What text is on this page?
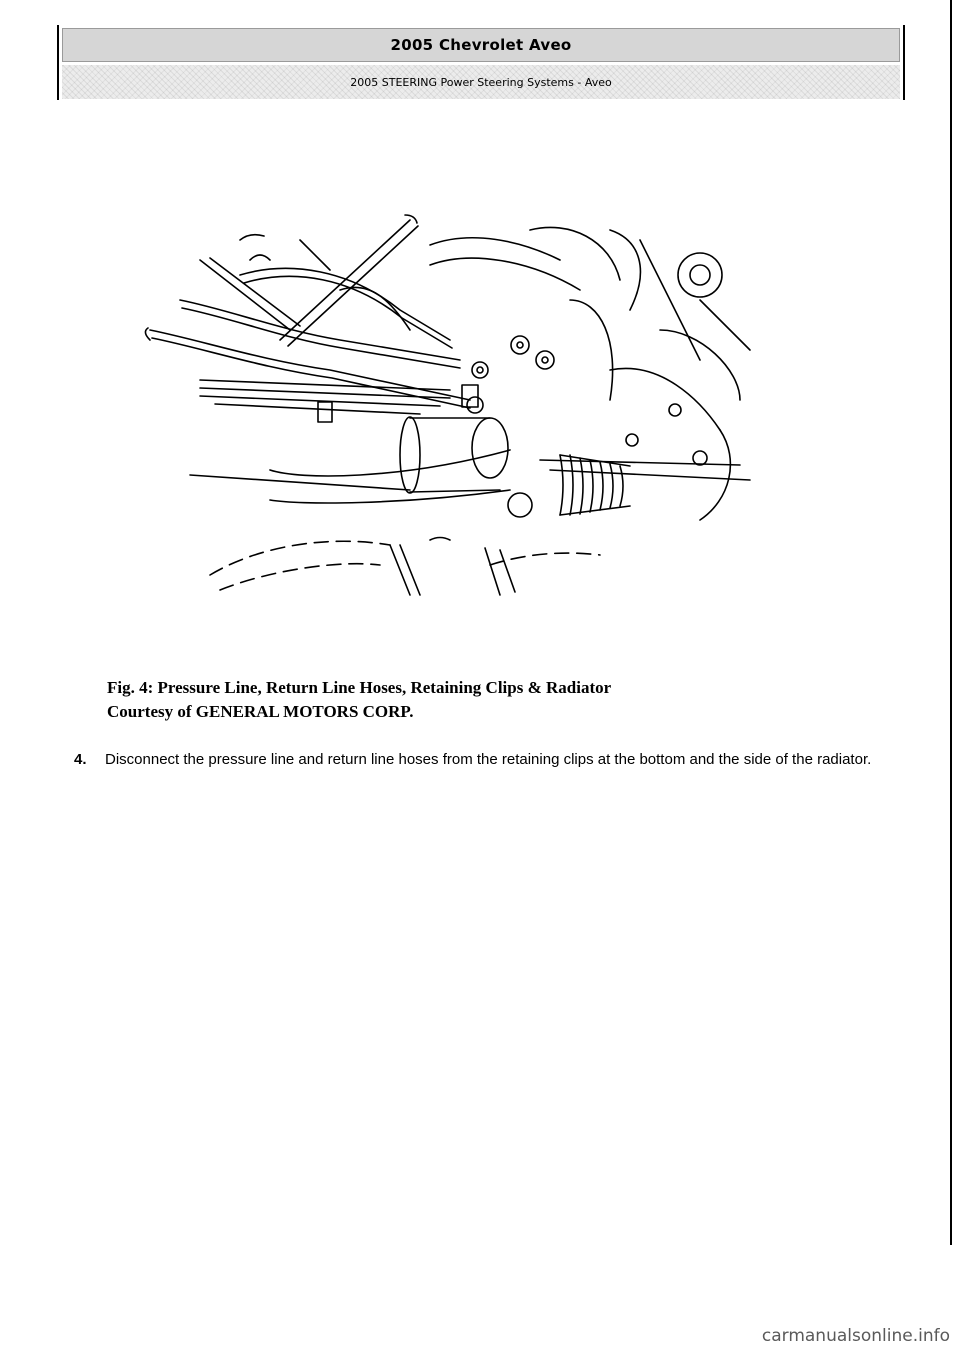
2005 Chevrolet Aveo
2005 STEERING Power Steering Systems - Aveo
Fig. 4: Pressure Line, Return Line Hoses, Retaining Clips & Radiator
Courtesy of GENERAL MOTORS CORP.
4.	Disconnect the pressure line and return line hoses from the retaining clips at the bottom and the side of the radiator.
carmanualsonline.info
